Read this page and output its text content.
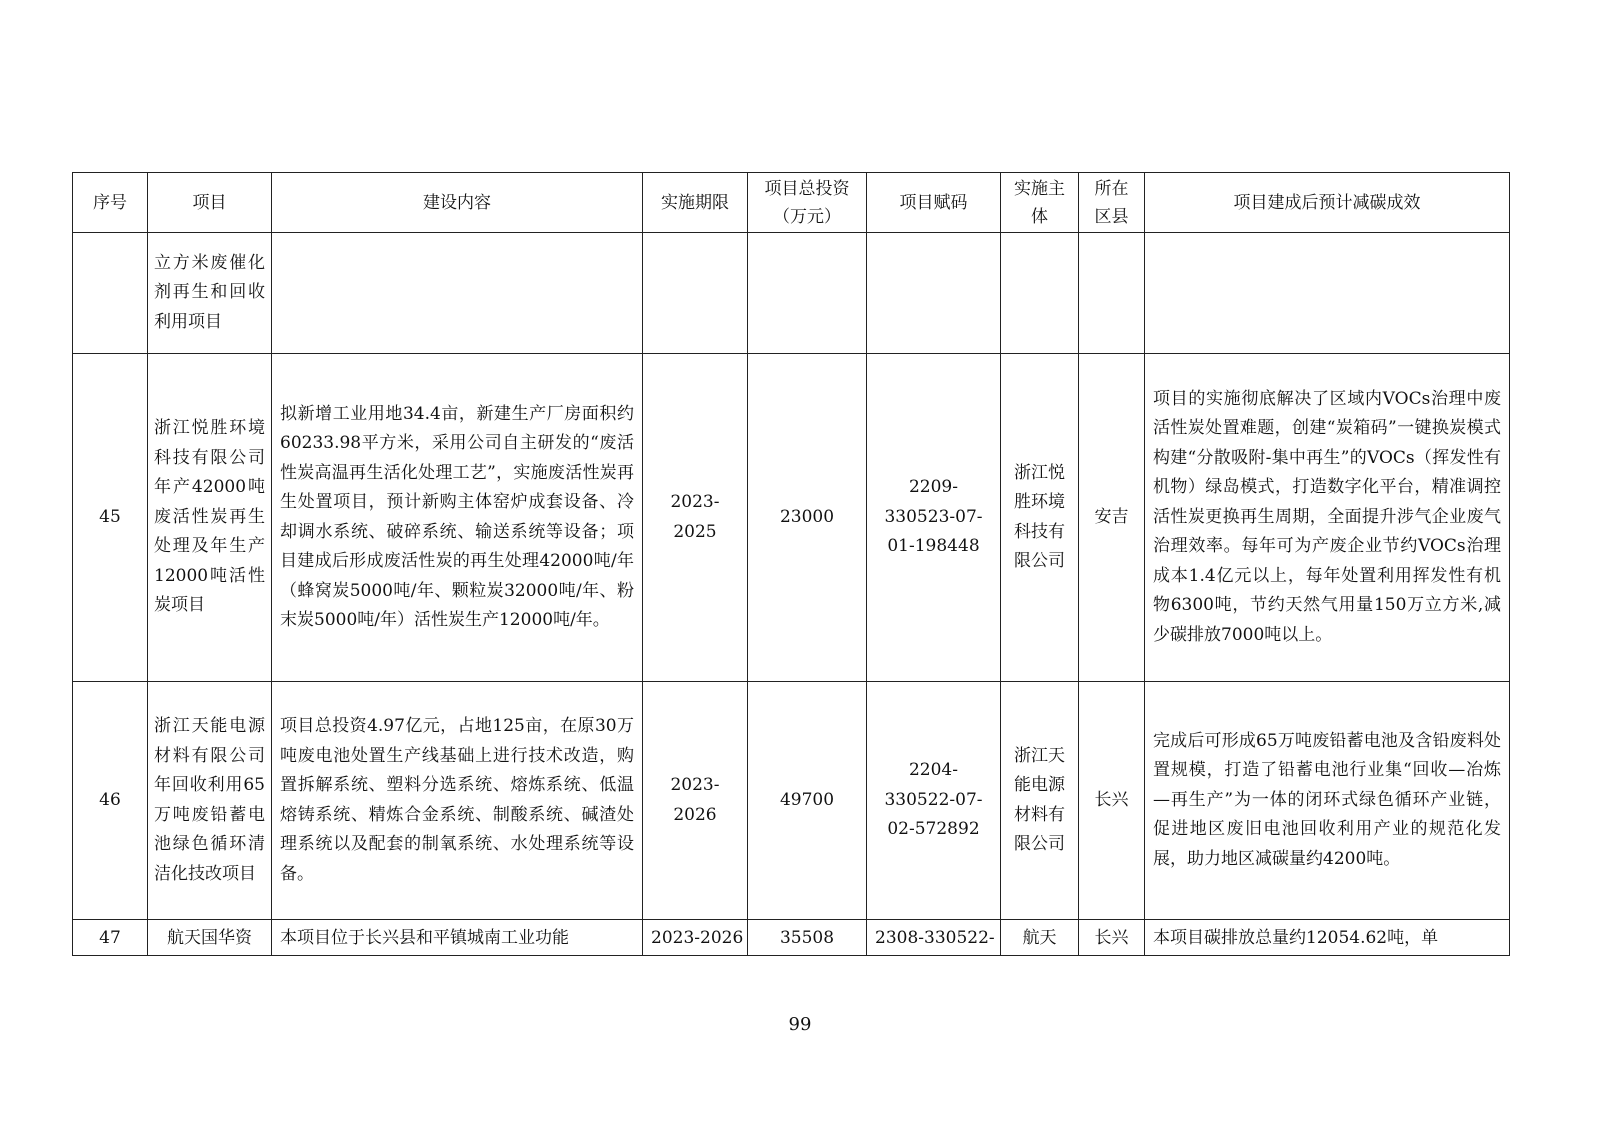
序号	项目	建设内容	实施期限	项目总投资（万元）	项目赋码	实施主体	所在区县	项目建成后预计减碳成效
	立方米废催化剂再生和回收利用项目							
45	浙江悦胜环境科技有限公司年产42000吨废活性炭再生处理及年生产12000吨活性炭项目	拟新增工业用地34.4亩，新建生产厂房面积约60233.98平方米，采用公司自主研发的“废活性炭高温再生活化处理工艺”，实施废活性炭再生处置项目，预计新购主体窑炉成套设备、冷却调水系统、破碎系统、输送系统等设备；项目建成后形成废活性炭的再生处理42000吨/年（蜂窝炭5000吨/年、颗粒炭32000吨/年、粉末炭5000吨/年）活性炭生产12000吨/年。	2023-2025	23000	2209-330523-07-01-198448	浙江悦胜环境科技有限公司	安吉	项目的实施彻底解决了区域内VOCs治理中废活性炭处置难题，创建“炭箱码”一键换炭模式构建“分散吸附-集中再生”的VOCs（挥发性有机物）绿岛模式，打造数字化平台，精准调控活性炭更换再生周期，全面提升涉气企业废气治理效率。每年可为产废企业节约VOCs治理成本1.4亿元以上，每年处置利用挥发性有机物6300吨，节约天然气用量150万立方米,减少碳排放7000吨以上。
46	浙江天能电源材料有限公司年回收利用65万吨废铅蓄电池绿色循环清洁化技改项目	项目总投资4.97亿元，占地125亩，在原30万吨废电池处置生产线基础上进行技术改造，购置拆解系统、塑料分选系统、熔炼系统、低温熔铸系统、精炼合金系统、制酸系统、碱渣处理系统以及配套的制氧系统、水处理系统等设备。	2023-2026	49700	2204-330522-07-02-572892	浙江天能电源材料有限公司	长兴	完成后可形成65万吨废铅蓄电池及含铅废料处置规模，打造了铅蓄电池行业集“回收—冶炼—再生产”为一体的闭环式绿色循环产业链，促进地区废旧电池回收利用产业的规范化发展，助力地区减碳量约4200吨。
47	航天国华资	本项目位于长兴县和平镇城南工业功能	2023-2026	35508	2308-330522-	航天	长兴	本项目碳排放总量约12054.62吨，单
99
